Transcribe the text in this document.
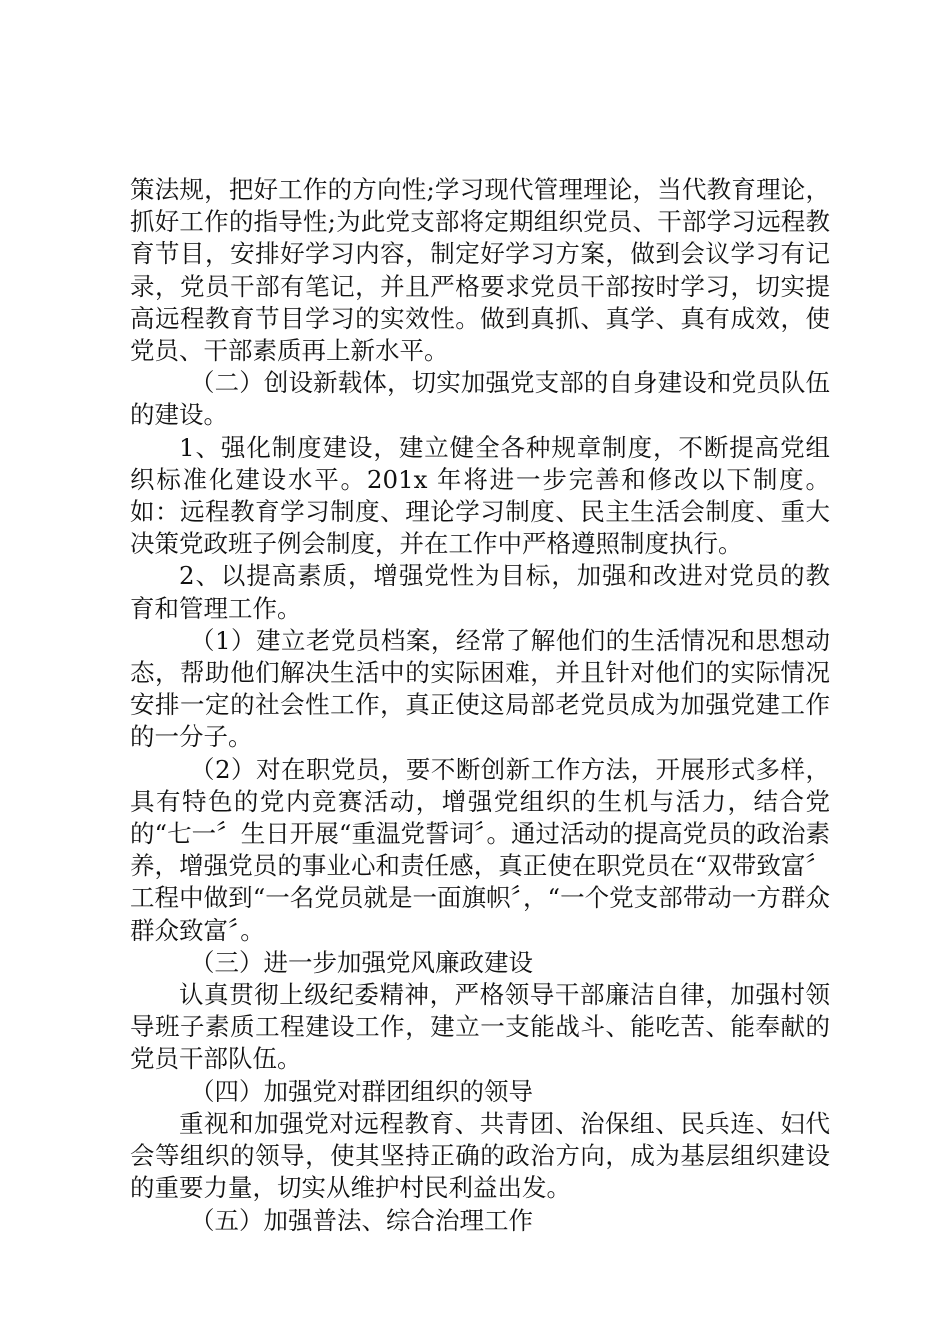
策法规，把好工作的方向性;学习现代管理理论，当代教育理论，抓好工作的指导性;为此党支部将定期组织党员、干部学习远程教育节目，安排好学习内容，制定好学习方案，做到会议学习有记录，党员干部有笔记，并且严格要求党员干部按时学习，切实提高远程教育节目学习的实效性。做到真抓、真学、真有成效，使党员、干部素质再上新水平。

（二）创设新载体，切实加强党支部的自身建设和党员队伍的建设。

1、强化制度建设，建立健全各种规章制度，不断提高党组织标准化建设水平。201x 年将进一步完善和修改以下制度。如：远程教育学习制度、理论学习制度、民主生活会制度、重大决策党政班子例会制度，并在工作中严格遵照制度执行。

2、以提高素质，增强党性为目标，加强和改进对党员的教育和管理工作。

（1）建立老党员档案，经常了解他们的生活情况和思想动态，帮助他们解决生活中的实际困难，并且针对他们的实际情况安排一定的社会性工作，真正使这局部老党员成为加强党建工作的一分子。

（2）对在职党员，要不断创新工作方法，开展形式多样，具有特色的党内竞赛活动，增强党组织的生机与活力，结合党的“七一〞生日开展“重温党誓词〞。通过活动的提高党员的政治素养，增强党员的事业心和责任感，真正使在职党员在“双带致富〞工程中做到“一名党员就是一面旗帜〞，“一个党支部带动一方群众群众致富〞。

（三）进一步加强党风廉政建设

认真贯彻上级纪委精神，严格领导干部廉洁自律，加强村领导班子素质工程建设工作，建立一支能战斗、能吃苦、能奉献的党员干部队伍。

（四）加强党对群团组织的领导

重视和加强党对远程教育、共青团、治保组、民兵连、妇代会等组织的领导，使其坚持正确的政治方向，成为基层组织建设的重要力量，切实从维护村民利益出发。

（五）加强普法、综合治理工作
